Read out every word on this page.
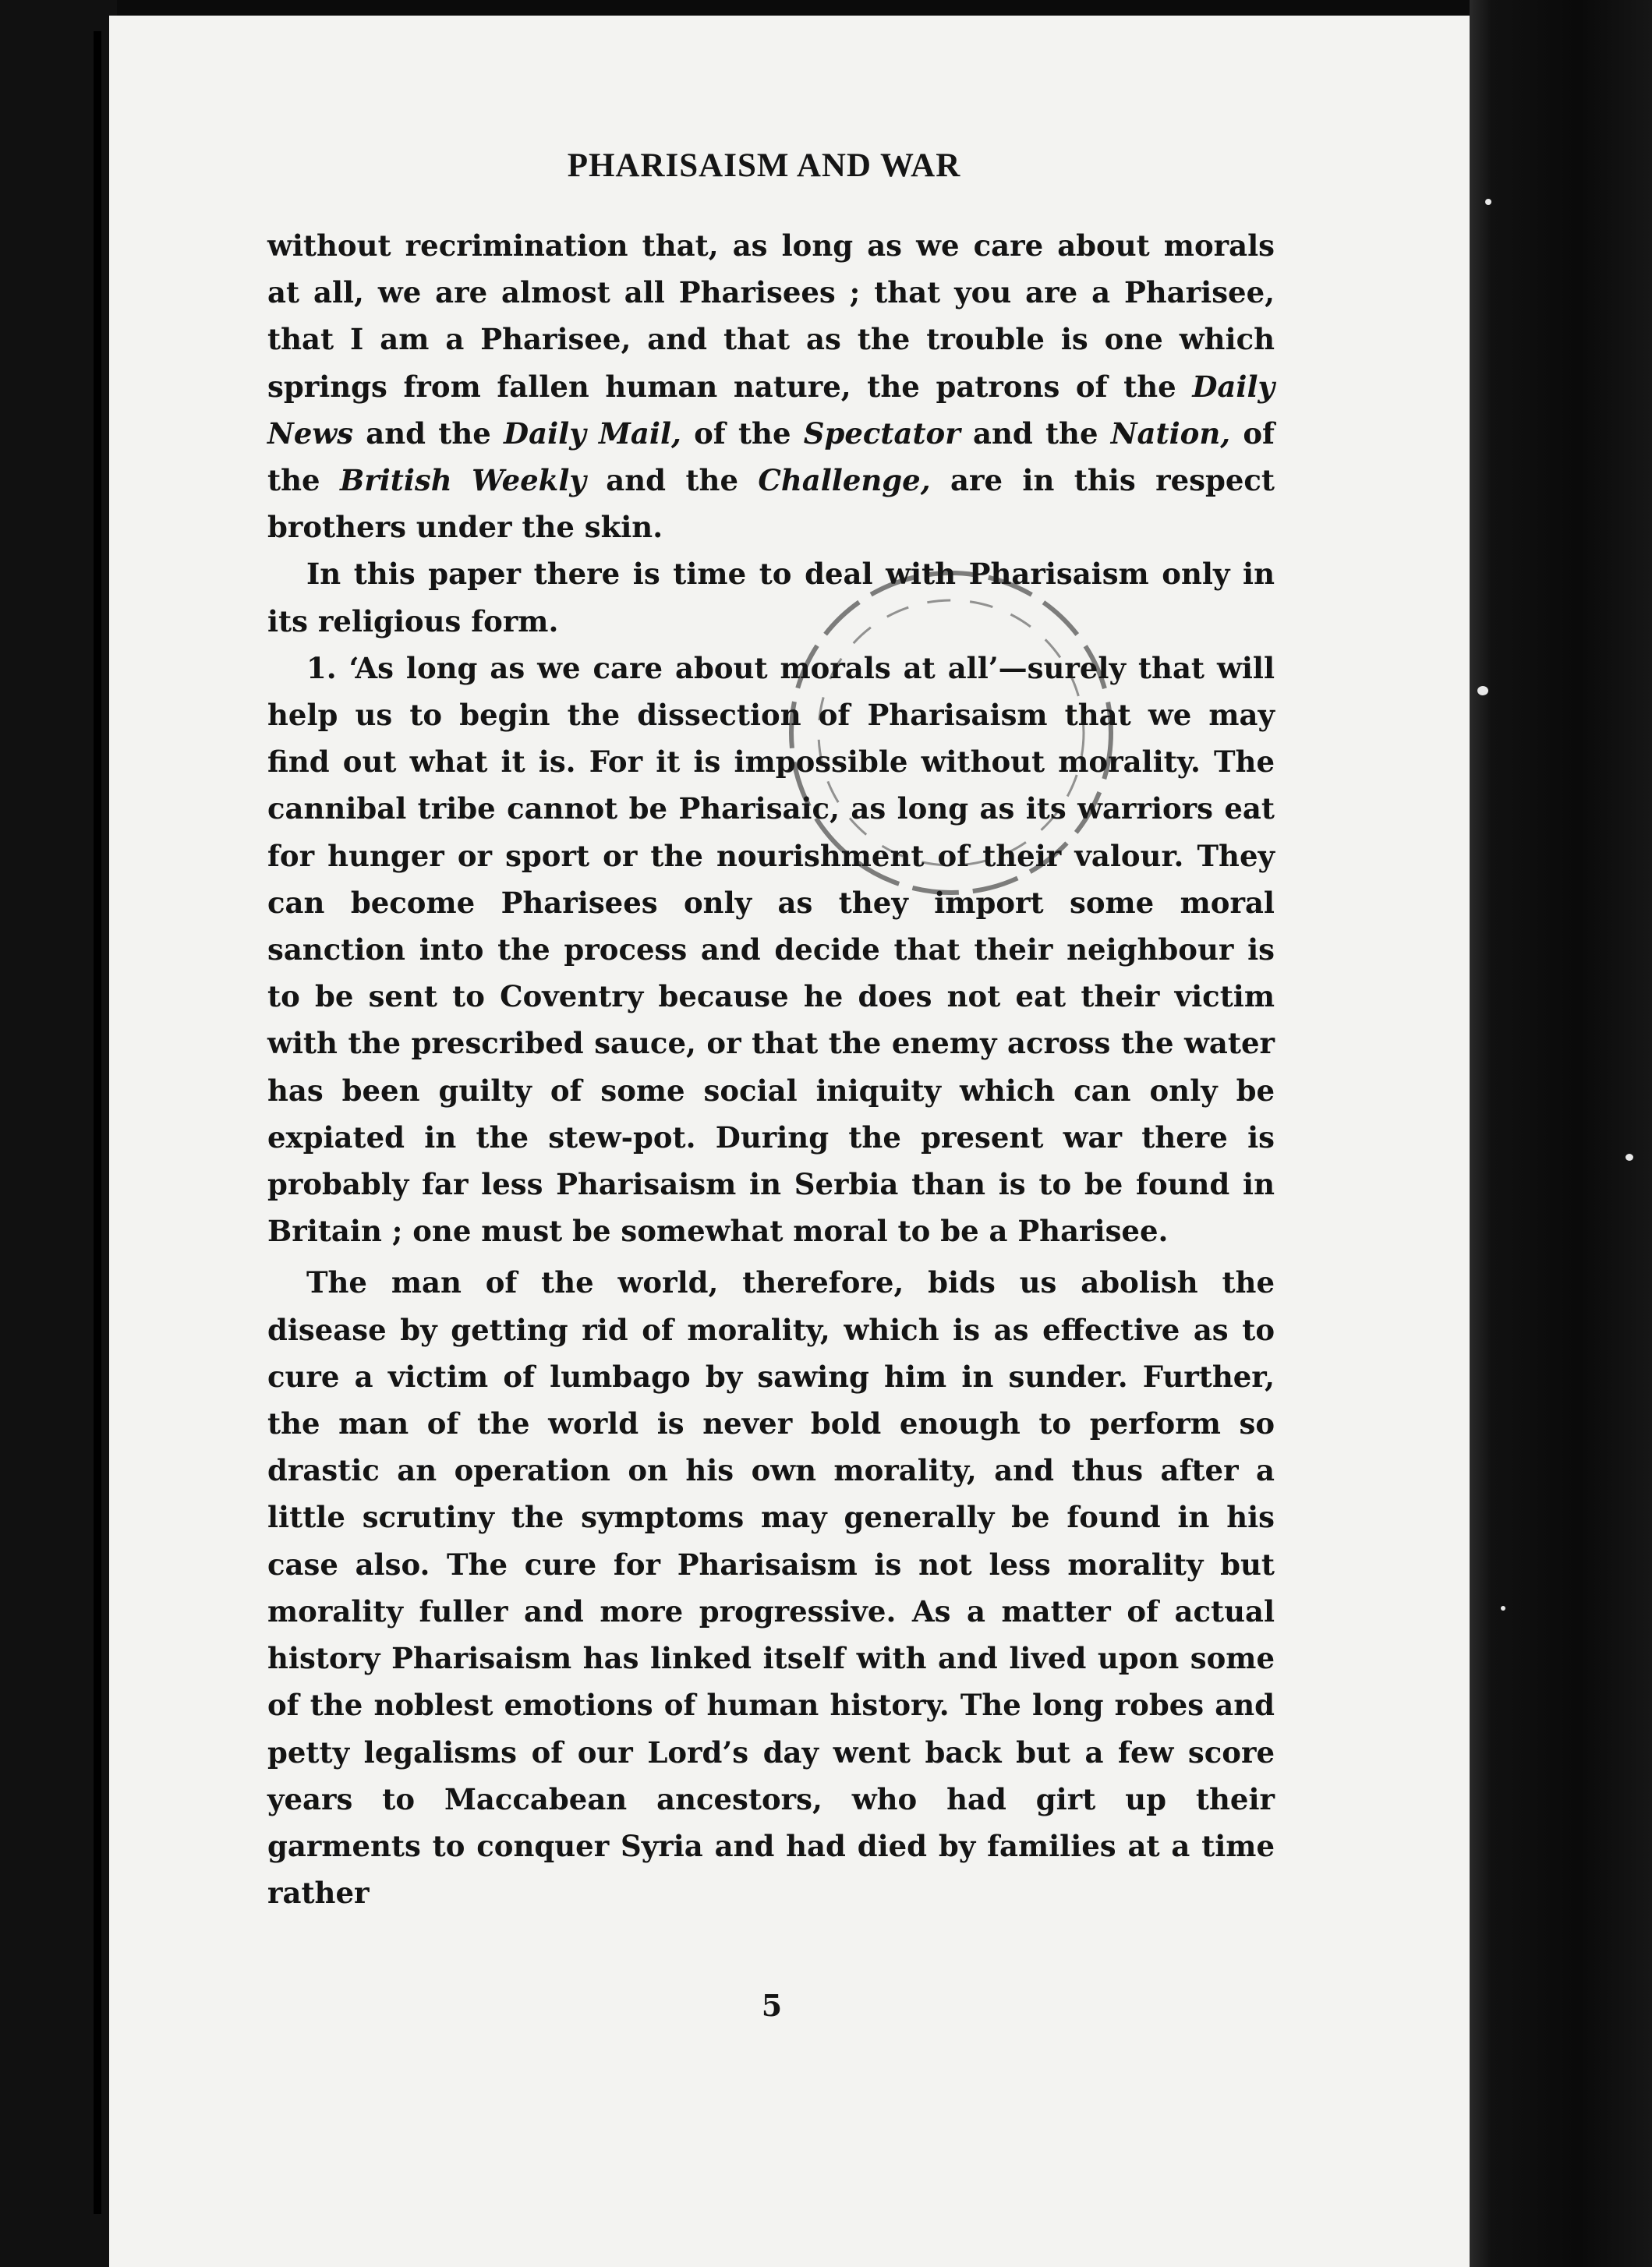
PHARISAISM AND WAR

without recrimination that, as long as we care about morals at all, we are almost all Pharisees ; that you are a Pharisee, that I am a Pharisee, and that as the trouble is one which springs from fallen human nature, the patrons of the Daily News and the Daily Mail, of the Spectator and the Nation, of the British Weekly and the Challenge, are in this respect brothers under the skin.

In this paper there is time to deal with Pharisaism only in its religious form.

1. ‘As long as we care about morals at all’—surely that will help us to begin the dissection of Pharisaism that we may find out what it is. For it is impossible without morality. The cannibal tribe cannot be Pharisaic, as long as its warriors eat for hunger or sport or the nourishment of their valour. They can become Pharisees only as they import some moral sanction into the process and decide that their neighbour is to be sent to Coventry because he does not eat their victim with the prescribed sauce, or that the enemy across the water has been guilty of some social iniquity which can only be expiated in the stew-pot. During the present war there is probably far less Pharisaism in Serbia than is to be found in Britain ; one must be somewhat moral to be a Pharisee.

The man of the world, therefore, bids us abolish the disease by getting rid of morality, which is as effective as to cure a victim of lumbago by sawing him in sunder. Further, the man of the world is never bold enough to perform so drastic an operation on his own morality, and thus after a little scrutiny the symptoms may generally be found in his case also. The cure for Pharisaism is not less morality but morality fuller and more progressive. As a matter of actual history Pharisaism has linked itself with and lived upon some of the noblest emotions of human history. The long robes and petty legalisms of our Lord’s day went back but a few score years to Maccabean ancestors, who had girt up their garments to conquer Syria and had died by families at a time rather

5
